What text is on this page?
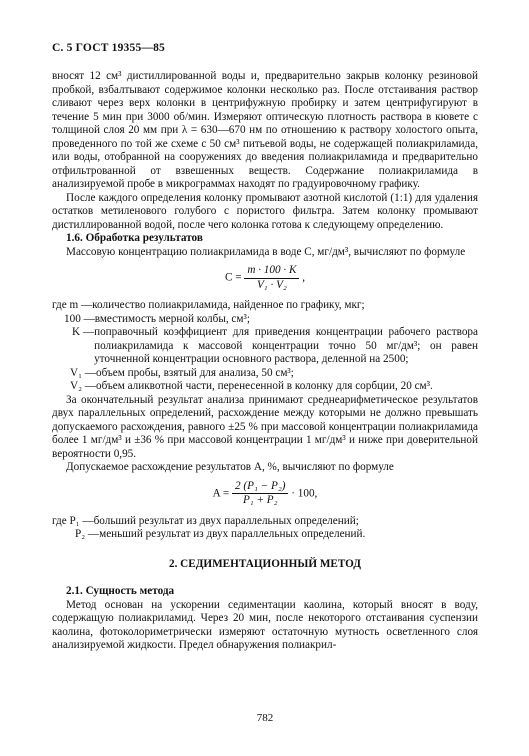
С. 5 ГОСТ 19355—85

вносят 12 см³ дистиллированной воды и, предварительно закрыв колонку резиновой пробкой, взбалтывают содержимое колонки несколько раз. После отстаивания раствор сливают через верх колонки в центрифужную пробирку и затем центрифугируют в течение 5 мин при 3000 об/мин. Измеряют оптическую плотность раствора в кювете с толщиной слоя 20 мм при λ = 630—670 нм по отношению к раствору холостого опыта, проведенного по той же схеме с 50 см³ питьевой воды, не содержащей полиакриламида, или воды, отобранной на сооружениях до введения полиакриламида и предварительно отфильтрованной от взвешенных веществ. Содержание полиакриламида в анализируемой пробе в микрограммах находят по градуировочному графику.

После каждого определения колонку промывают азотной кислотой (1:1) для удаления остатков метиленового голубого с пористого фильтра. Затем колонку промывают дистиллированной водой, после чего колонка готова к следующему определению.

1.6. Обработка результатов

Массовую концентрацию полиакриламида в воде C, мг/дм³, вычисляют по формуле

$C = \frac{m \cdot 100 \cdot K}{\text{V₁ · V₂}}$ ,
где m — количество полиакриламида, найденное по графику, мкг;
100 — вместимость мерной колбы, см³;
K — поправочный коэффициент для приведения концентрации рабочего раствора полиакриламида к массовой концентрации точно 50 мг/дм³; он равен уточненной концентрации основного раствора, деленной на 2500;
V₁ — объем пробы, взятый для анализа, 50 см³;
V₂ — объем аликвотной части, перенесенной в колонку для сорбции, 20 см³.

За окончательный результат анализа принимают среднеарифметическое результатов двух параллельных определений, расхождение между которыми не должно превышать допускаемого расхождения, равного ±25 % при массовой концентрации полиакриламида более 1 мг/дм³ и ±36 % при массовой концентрации 1 мг/дм³ и ниже при доверительной вероятности 0,95.

Допускаемое расхождение результатов A, %, вычисляют по формуле

$A = \frac{\text{2 (P₁ − P₂)}}{\text{P₁ + P₂}} \cdot 100$,
где P₁ — больший результат из двух параллельных определений;
P₂ — меньший результат из двух параллельных определений.
2. СЕДИМЕНТАЦИОННЫЙ МЕТОД

2.1. Сущность метода

Метод основан на ускорении седиментации каолина, который вносят в воду, содержащую полиакриламид. Через 20 мин, после некоторого отстаивания суспензии каолина, фотоколориметрически измеряют остаточную мутность осветленного слоя анализируемой жидкости. Предел обнаружения полиакрил-

782
